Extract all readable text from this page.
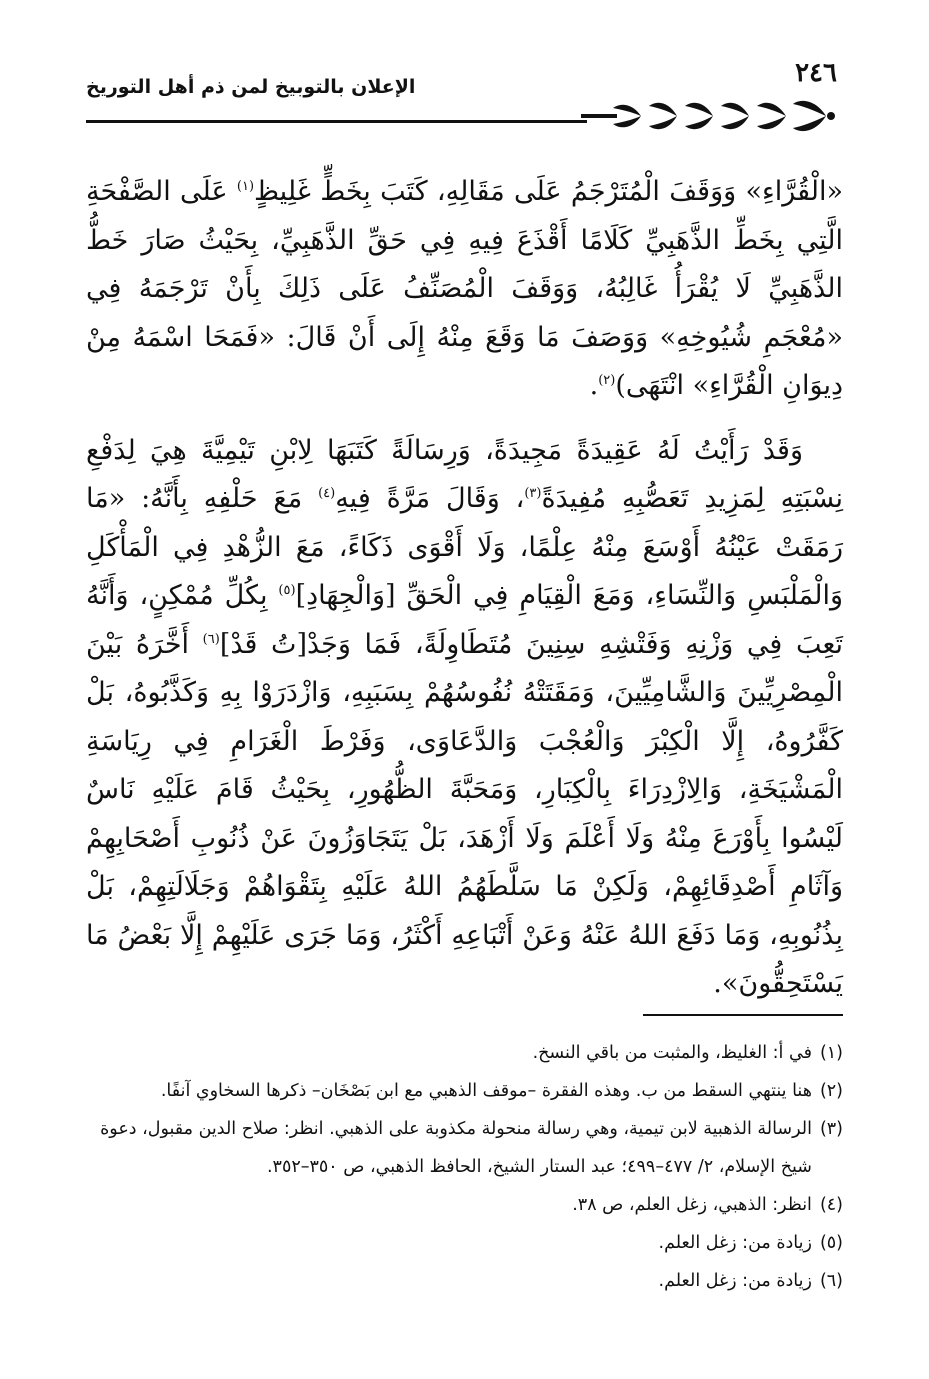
٢٤٦
الإعلان بالتوبيخ لمن ذم أهل التوريخ

«الْقُرَّاءِ» وَوَقَفَ الْمُتَرْجَمُ عَلَى مَقَالِهِ، كَتَبَ بِخَطٍّ غَلِيظٍ$^{(١)}$ عَلَى الصَّفْحَةِ الَّتِي بِخَطِّ الذَّهَبِيِّ كَلَامًا أَقْذَعَ فِيهِ فِي حَقِّ الذَّهَبِيِّ، بِحَيْثُ صَارَ خَطُّ الذَّهَبِيِّ لَا يُقْرَأُ غَالِبُهُ، وَوَقَفَ الْمُصَنِّفُ عَلَى ذَلِكَ بِأَنْ تَرْجَمَهُ فِي «مُعْجَمِ شُيُوخِهِ» وَوَصَفَ مَا وَقَعَ مِنْهُ إِلَى أَنْ قَالَ: «فَمَحَا اسْمَهُ مِنْ دِيوَانِ الْقُرَّاءِ» انْتَهَى)$^{(٢)}$.

وَقَدْ رَأَيْتُ لَهُ عَقِيدَةً مَجِيدَةً، وَرِسَالَةً كَتَبَهَا لِابْنِ تَيْمِيَّةَ هِيَ لِدَفْعِ نِسْبَتِهِ لِمَزِيدِ تَعَصُّبِهِ مُفِيدَةً$^{(٣)}$، وَقَالَ مَرَّةً فِيهِ$^{(٤)}$ مَعَ حَلْفِهِ بِأَنَّهُ: «مَا رَمَقَتْ عَيْنُهُ أَوْسَعَ مِنْهُ عِلْمًا، وَلَا أَقْوَى ذَكَاءً، مَعَ الزُّهْدِ فِي الْمَأْكَلِ وَالْمَلْبَسِ وَالنِّسَاءِ، وَمَعَ الْقِيَامِ فِي الْحَقِّ [وَالْجِهَادِ]$^{(٥)}$ بِكُلِّ مُمْكِنٍ، وَأَنَّهُ تَعِبَ فِي وَزْنِهِ وَفَتْشِهِ سِنِينَ مُتَطَاوِلَةً، فَمَا وَجَدْ[تُ قَدْ]$^{(٦)}$ أَخَّرَهُ بَيْنَ الْمِصْرِيِّينَ وَالشَّامِيِّينَ، وَمَقَتَتْهُ نُفُوسُهُمْ بِسَبَبِهِ، وَازْدَرَوْا بِهِ وَكَذَّبُوهُ، بَلْ كَفَّرُوهُ، إِلَّا الْكِبْرَ وَالْعُجْبَ وَالدَّعَاوَى، وَفَرْطَ الْغَرَامِ فِي رِيَاسَةِ الْمَشْيَخَةِ، وَالِازْدِرَاءَ بِالْكِبَارِ، وَمَحَبَّةَ الظُّهُورِ، بِحَيْثُ قَامَ عَلَيْهِ نَاسٌ لَيْسُوا بِأَوْرَعَ مِنْهُ وَلَا أَعْلَمَ وَلَا أَزْهَدَ، بَلْ يَتَجَاوَزُونَ عَنْ ذُنُوبِ أَصْحَابِهِمْ وَآثَامِ أَصْدِقَائِهِمْ، وَلَكِنْ مَا سَلَّطَهُمُ اللهُ عَلَيْهِ بِتَقْوَاهُمْ وَجَلَالَتِهِمْ، بَلْ بِذُنُوبِهِ، وَمَا دَفَعَ اللهُ عَنْهُ وَعَنْ أَتْبَاعِهِ أَكْثَرُ، وَمَا جَرَى عَلَيْهِمْ إِلَّا بَعْضُ مَا يَسْتَحِقُّونَ».

(١)
في أ: الغليظ، والمثبت من باقي النسخ.
(٢)
هنا ينتهي السقط من ب. وهذه الفقرة –موقف الذهبي مع ابن بَصْخَان– ذكرها السخاوي آنفًا.
(٣)
الرسالة الذهبية لابن تيمية، وهي رسالة منحولة مكذوبة على الذهبي. انظر: صلاح الدين مقبول، دعوة شيخ الإسلام، ٢/ ٤٧٧–٤٩٩؛ عبد الستار الشيخ، الحافظ الذهبي، ص ٣٥٠–٣٥٢.
(٤)
انظر: الذهبي، زغل العلم، ص ٣٨.
(٥)
زيادة من: زغل العلم.
(٦)
زيادة من: زغل العلم.
